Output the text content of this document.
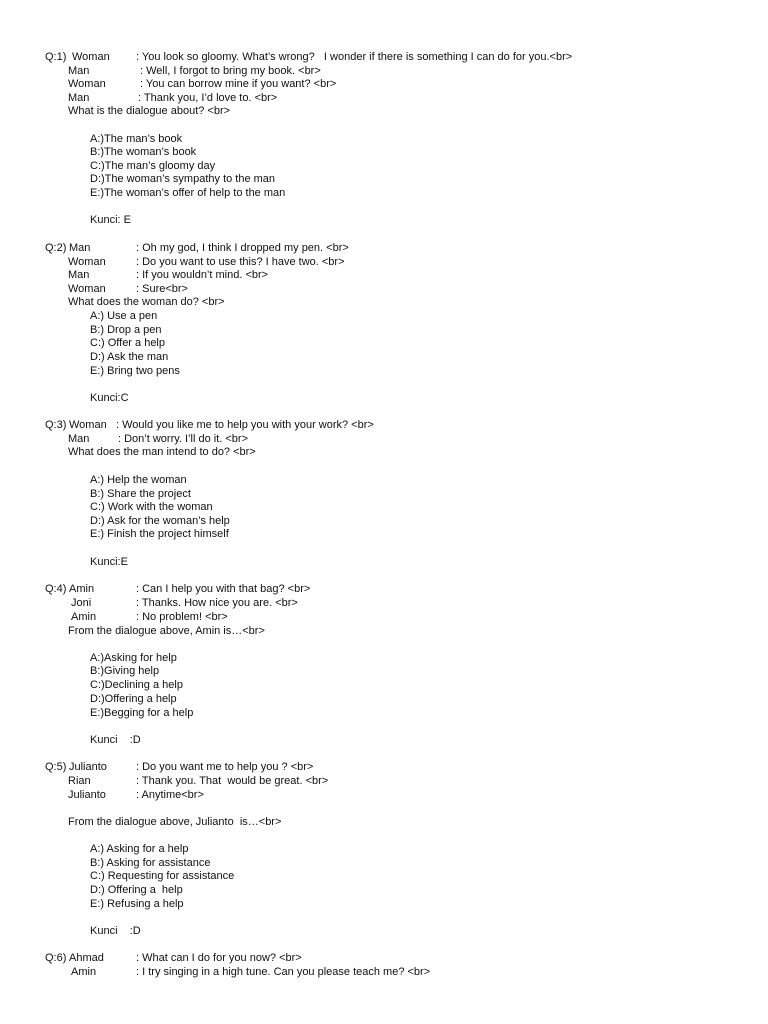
Q:1) Woman : You look so gloomy. What’s wrong?   I wonder if there is something I can do for you.<br>
Man	: Well, I forgot to bring my book. <br>
Woman	: You can borrow mine if you want? <br>
Man	: Thank you, I’d love to. <br>
What is the dialogue about? <br>
A:)The man’s book
B:)The woman’s book
C:)The man’s gloomy day
D:)The woman’s sympathy to the man
E:)The woman’s offer of help to the man
Kunci: E
Q:2) Man	: Oh my god, I think I dropped my pen. <br>
Woman	: Do you want to use this? I have two. <br>
Man	: If you wouldn’t mind. <br>
Woman	: Sure<br>
What does the woman do? <br>
A:) Use a pen
B:) Drop a pen
C:) Offer a help
D:) Ask the man
E:) Bring two pens
Kunci:C
Q:3) Woman : Would you like me to help you with your work? <br>
Man	: Don’t worry. I’ll do it. <br>
What does the man intend to do? <br>
A:) Help the woman
B:) Share the project
C:) Work with the woman
D:) Ask for the woman’s help
E:) Finish the project himself
Kunci:E
Q:4) Amin	: Can I help you with that bag? <br>
Joni	: Thanks. How nice you are. <br>
Amin	: No problem! <br>
From the dialogue above, Amin is…<br>
A:)Asking for help
B:)Giving help
C:)Declining a help
D:)Offering a help
E:)Begging for a help
Kunci    :D
Q:5) Julianto	: Do you want me to help you ? <br>
Rian	: Thank you. That  would be great. <br>
Julianto	: Anytime<br>
From the dialogue above, Julianto  is…<br>
A:) Asking for a help
B:) Asking for assistance
C:) Requesting for assistance
D:) Offering a  help
E:) Refusing a help
Kunci    :D
Q:6) Ahmad	: What can I do for you now? <br>
Amin	: I try singing in a high tune. Can you please teach me? <br>
